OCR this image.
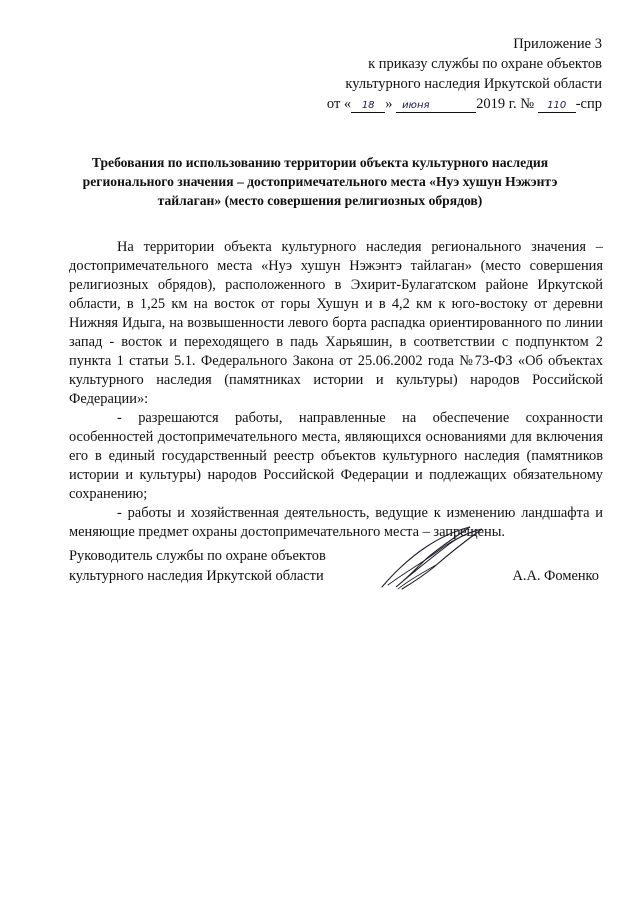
Приложение 3
к приказу службы по охране объектов
культурного наследия Иркутской области
от « 18 » июня	2019 г. № 110 -спр
Требования по использованию территории объекта культурного наследия регионального значения – достопримечательного места «Нуэ хушун Нэжэнтэ тайлаган» (место совершения религиозных обрядов)

На территории объекта культурного наследия регионального значения – достопримечательного места «Нуэ хушун Нэжэнтэ тайлаган» (место совершения религиозных обрядов), расположенного в Эхирит-Булагатском районе Иркутской области, в 1,25 км на восток от горы Хушун и в 4,2 км к юго-востоку от деревни Нижняя Идыга, на возвышенности левого борта распадка ориентированного по линии запад - восток и переходящего в падь Харьяшин, в соответствии с подпунктом 2 пункта 1 статьи 5.1. Федерального Закона от 25.06.2002 года №73-ФЗ «Об объектах культурного наследия (памятниках истории и культуры) народов Российской Федерации»:

- разрешаются работы, направленные на обеспечение сохранности особенностей достопримечательного места, являющихся основаниями для включения его в единый государственный реестр объектов культурного наследия (памятников истории и культуры) народов Российской Федерации и подлежащих обязательному сохранению;

- работы и хозяйственная деятельность, ведущие к изменению ландшафта и меняющие предмет охраны достопримечательного места – запрещены.

Руководитель службы по охране объектов
культурного наследия Иркутской области	А.А. Фоменко
